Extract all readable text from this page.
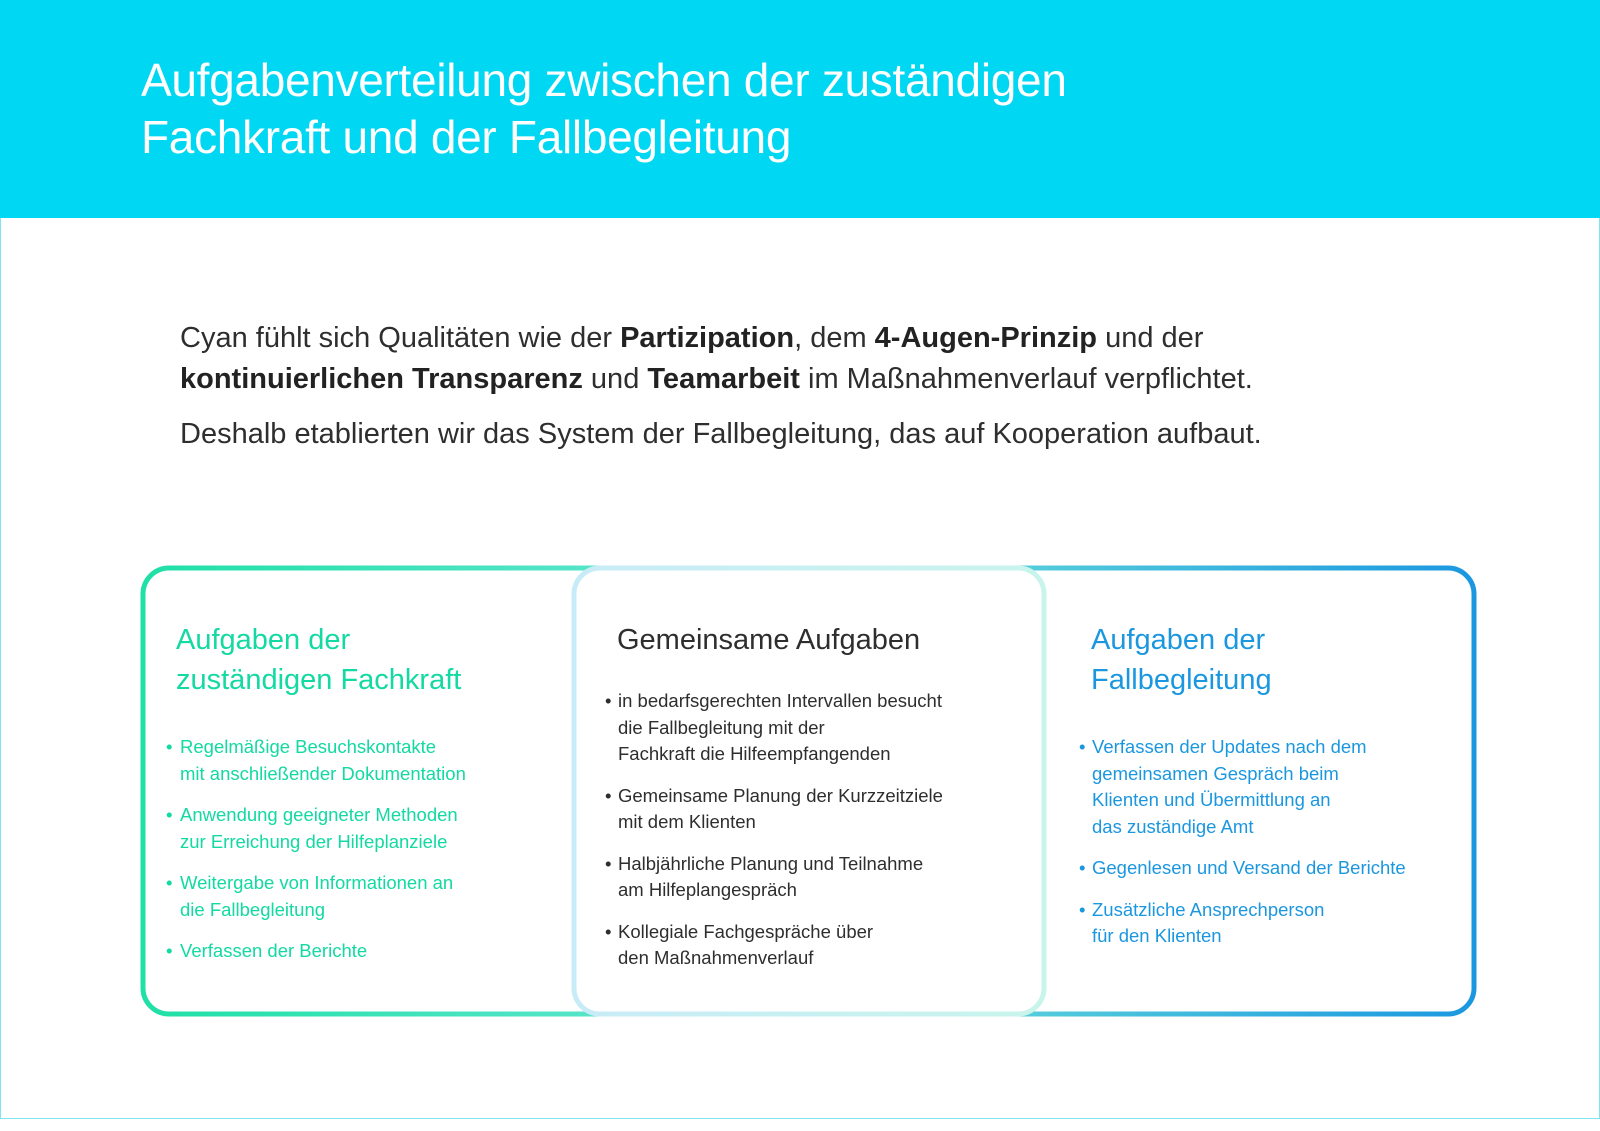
Aufgabenverteilung zwischen der zuständigen
Fachkraft und der Fallbegleitung

Cyan fühlt sich Qualitäten wie der Partizipation, dem 4-Augen-Prinzip und der
kontinuierlichen Transparenz und Teamarbeit im Maßnahmenverlauf verpflichtet.

Deshalb etablierten wir das System der Fallbegleitung, das auf Kooperation aufbaut.

Aufgaben der
zuständigen Fachkraft
• Regelmäßige Besuchskontakte
mit anschließender Dokumentation
• Anwendung geeigneter Methoden
zur Erreichung der Hilfeplanziele
• Weitergabe von Informationen an
die Fallbegleitung
• Verfassen der Berichte
Gemeinsame Aufgaben
• in bedarfsgerechten Intervallen besucht
die Fallbegleitung mit der
Fachkraft die Hilfeempfangenden
• Gemeinsame Planung der Kurzzeitziele
mit dem Klienten
• Halbjährliche Planung und Teilnahme
am Hilfeplangespräch
• Kollegiale Fachgespräche über
den Maßnahmenverlauf
Aufgaben der
Fallbegleitung
• Verfassen der Updates nach dem
gemeinsamen Gespräch beim
Klienten und Übermittlung an
das zuständige Amt
• Gegenlesen und Versand der Berichte
• Zusätzliche Ansprechperson
für den Klienten
